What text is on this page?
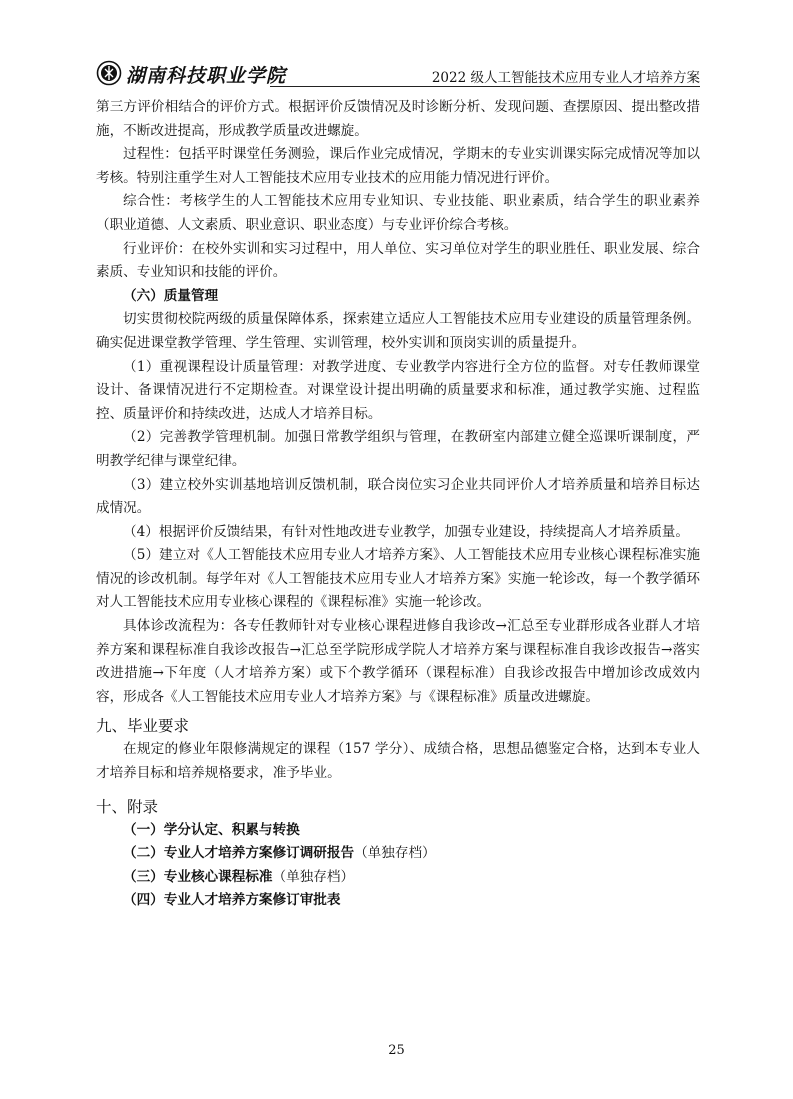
湖南科技职业学院	2022 级人工智能技术应用专业人才培养方案

第三方评价相结合的评价方式。根据评价反馈情况及时诊断分析、发现问题、查摆原因、提出整改措施，不断改进提高，形成教学质量改进螺旋。

过程性：包括平时课堂任务测验，课后作业完成情况，学期末的专业实训课实际完成情况等加以考核。特别注重学生对人工智能技术应用专业技术的应用能力情况进行评价。

综合性：考核学生的人工智能技术应用专业知识、专业技能、职业素质，结合学生的职业素养（职业道德、人文素质、职业意识、职业态度）与专业评价综合考核。

行业评价：在校外实训和实习过程中，用人单位、实习单位对学生的职业胜任、职业发展、综合素质、专业知识和技能的评价。

（六）质量管理

切实贯彻校院两级的质量保障体系，探索建立适应人工智能技术应用专业建设的质量管理条例。确实促进课堂教学管理、学生管理、实训管理，校外实训和顶岗实训的质量提升。

（1）重视课程设计质量管理：对教学进度、专业教学内容进行全方位的监督。对专任教师课堂设计、备课情况进行不定期检查。对课堂设计提出明确的质量要求和标准，通过教学实施、过程监控、质量评价和持续改进，达成人才培养目标。

（2）完善教学管理机制。加强日常教学组织与管理，在教研室内部建立健全巡课听课制度，严明教学纪律与课堂纪律。

（3）建立校外实训基地培训反馈机制，联合岗位实习企业共同评价人才培养质量和培养目标达成情况。

（4）根据评价反馈结果，有针对性地改进专业教学，加强专业建设，持续提高人才培养质量。

（5）建立对《人工智能技术应用专业人才培养方案》、人工智能技术应用专业核心课程标准实施情况的诊改机制。每学年对《人工智能技术应用专业人才培养方案》实施一轮诊改，每一个教学循环对人工智能技术应用专业核心课程的《课程标准》实施一轮诊改。

具体诊改流程为：各专任教师针对专业核心课程进修自我诊改→汇总至专业群形成各业群人才培养方案和课程标准自我诊改报告→汇总至学院形成学院人才培养方案与课程标准自我诊改报告→落实改进措施→下年度（人才培养方案）或下个教学循环（课程标准）自我诊改报告中增加诊改成效内容，形成各《人工智能技术应用专业人才培养方案》与《课程标准》质量改进螺旋。

九、毕业要求

在规定的修业年限修满规定的课程（157 学分）、成绩合格，思想品德鉴定合格，达到本专业人才培养目标和培养规格要求，准予毕业。

十、附录
（一）学分认定、积累与转换
（二）专业人才培养方案修订调研报告（单独存档）
（三）专业核心课程标准（单独存档）
（四）专业人才培养方案修订审批表
25
